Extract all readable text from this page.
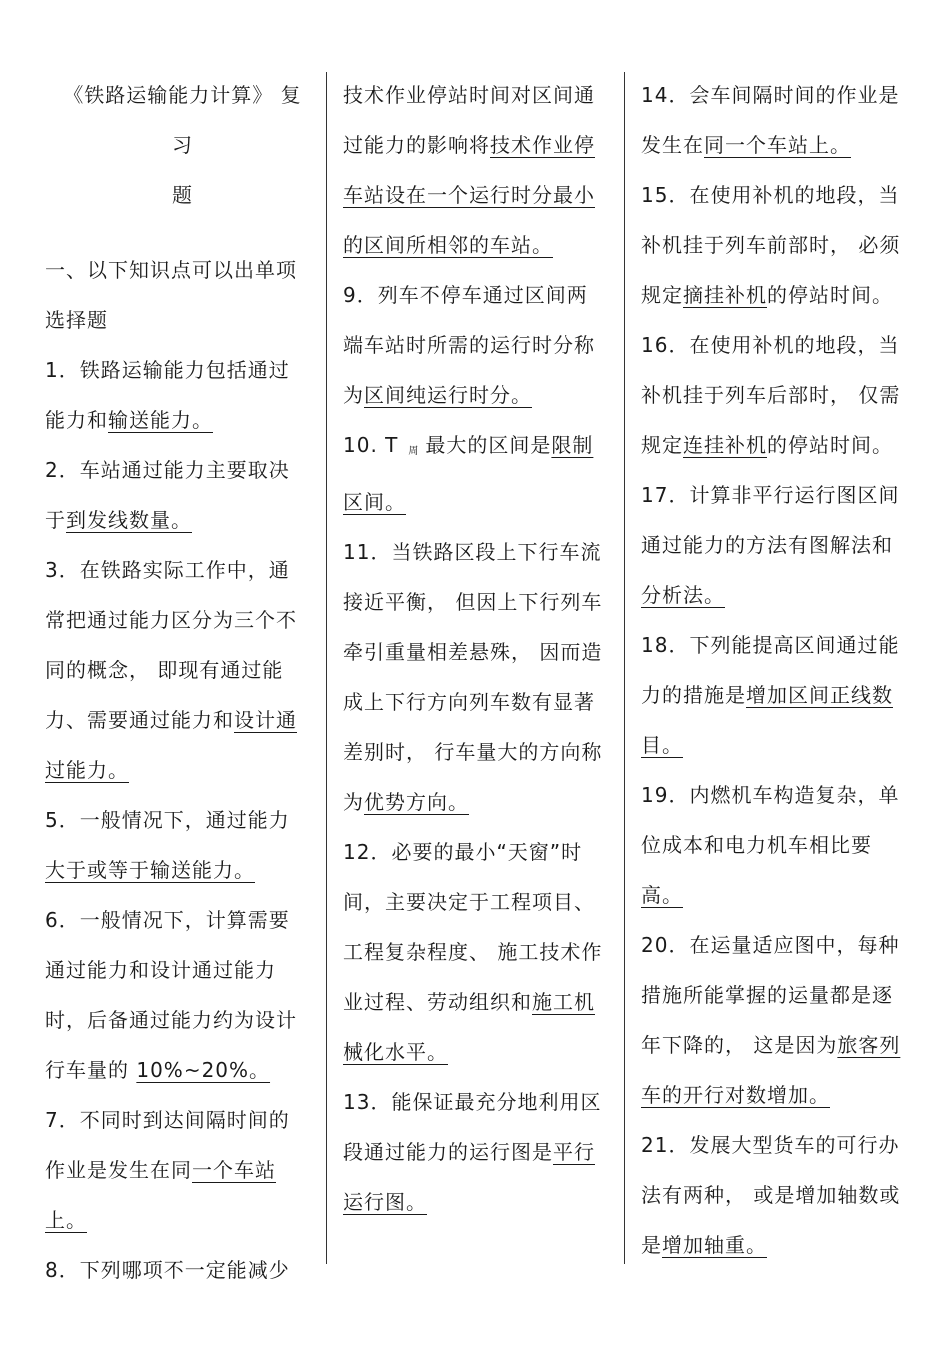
《铁路运输能力计算》 复习
题

一、以下知识点可以出单项选择题

1．铁路运输能力包括通过能力和输送能力。

2．车站通过能力主要取决于到发线数量。

3．在铁路实际工作中，通常把通过能力区分为三个不同的概念， 即现有通过能力、需要通过能力和设计通过能力。

5．一般情况下，通过能力大于或等于输送能力。

6．一般情况下，计算需要通过能力和设计通过能力时，后备通过能力约为设计行车量的 10%~20%。

7．不同时到达间隔时间的作业是发生在同一个车站上。

8．下列哪项不一定能减少

技术作业停站时间对区间通过能力的影响将技术作业停车站设在一个运行时分最小的区间所相邻的车站。

9．列车不停车通过区间两端车站时所需的运行时分称为区间纯运行时分。

10. T $_周$ 最大的区间是限制区间。

11．当铁路区段上下行车流接近平衡， 但因上下行列车牵引重量相差悬殊， 因而造成上下行方向列车数有显著差别时， 行车量大的方向称为优势方向。

12．必要的最小“天窗”时间，主要决定于工程项目、工程复杂程度、 施工技术作业过程、劳动组织和施工机械化水平。

13．能保证最充分地利用区段通过能力的运行图是平行运行图。

14．会车间隔时间的作业是发生在同一个车站上。

15．在使用补机的地段，当补机挂于列车前部时， 必须规定摘挂补机的停站时间。

16．在使用补机的地段，当补机挂于列车后部时， 仅需规定连挂补机的停站时间。

17．计算非平行运行图区间通过能力的方法有图解法和分析法。

18．下列能提高区间通过能力的措施是增加区间正线数目。

19．内燃机车构造复杂，单位成本和电力机车相比要 高。

20．在运量适应图中，每种措施所能掌握的运量都是逐年下降的， 这是因为旅客列车的开行对数增加。

21．发展大型货车的可行办法有两种， 或是增加轴数或是增加轴重。
